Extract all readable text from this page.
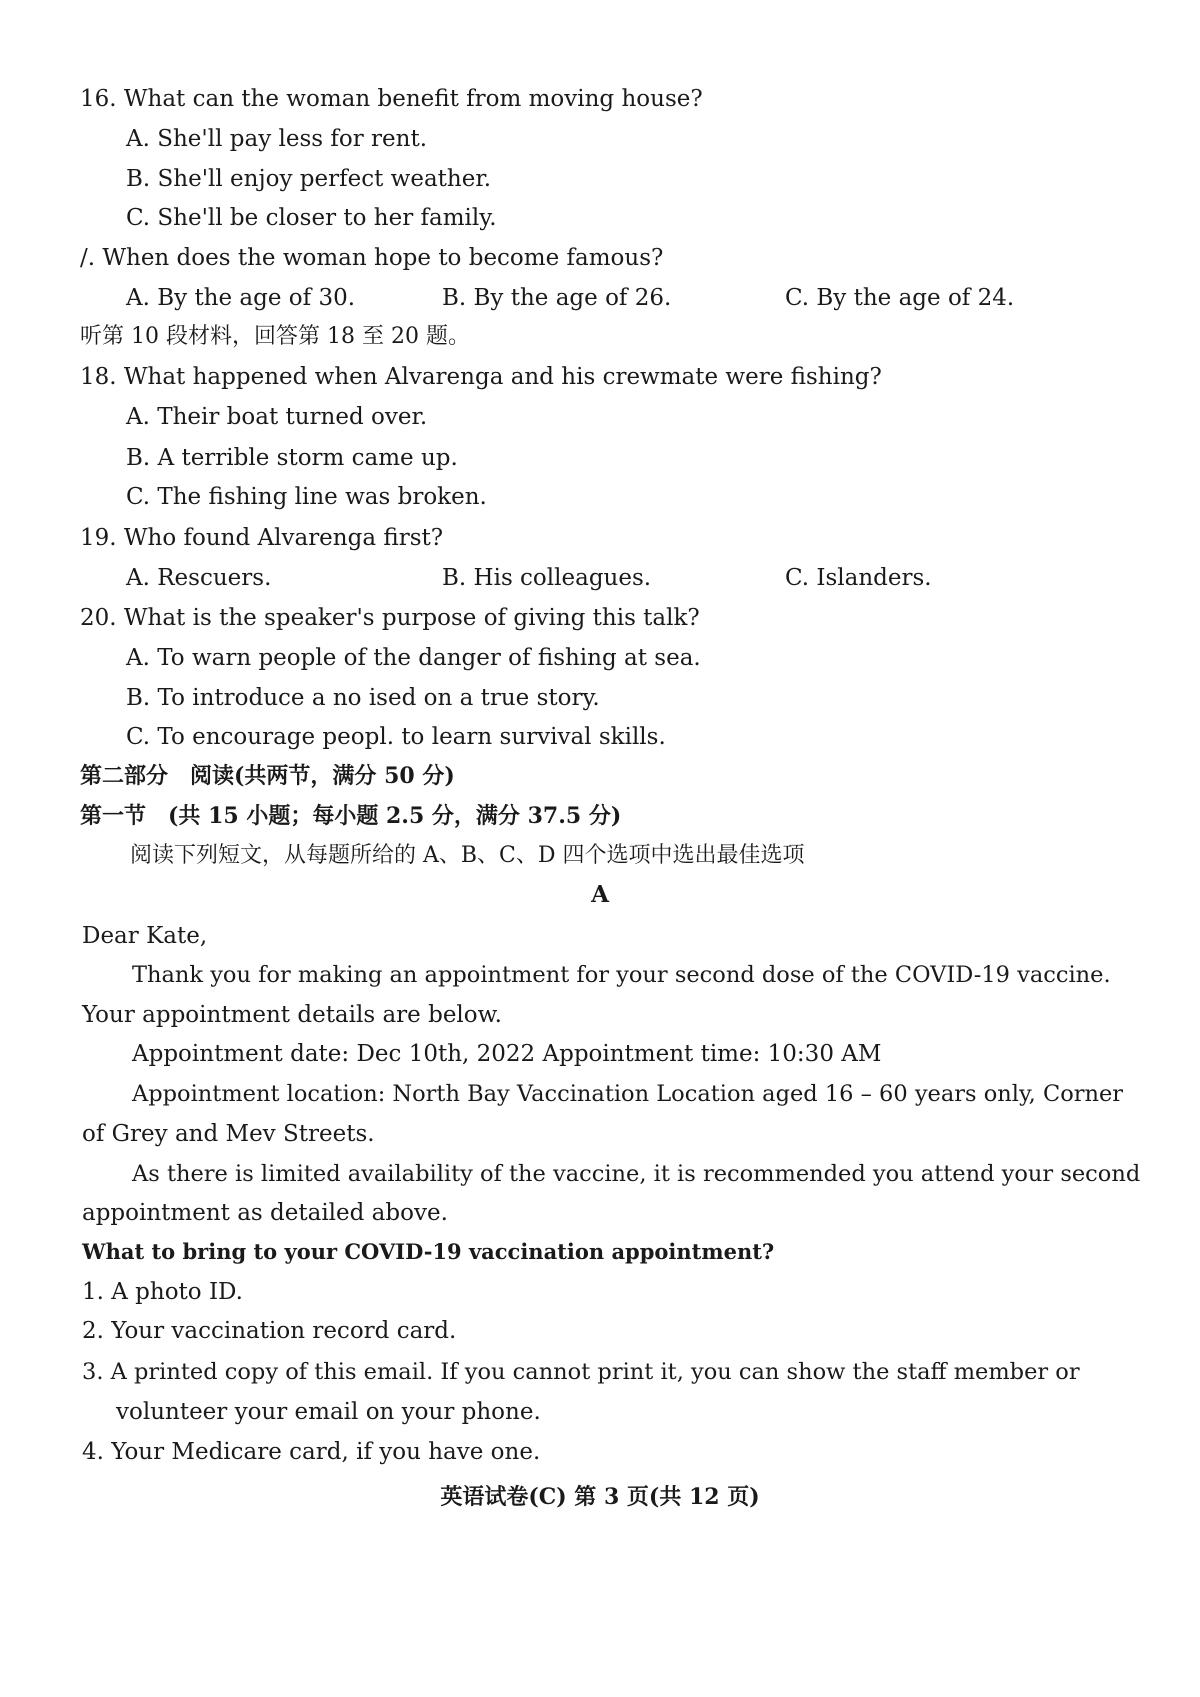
16. What can the woman benefit from moving house?
A. She'll pay less for rent.
B. She'll enjoy perfect weather.
C. She'll be closer to her family.
/. When does the woman hope to become famous?
A. By the age of 30.	B. By the age of 26.	C. By the age of 24.
听第 10 段材料，回答第 18 至 20 题。
18. What happened when Alvarenga and his crewmate were fishing?
A. Their boat turned over.
B. A terrible storm came up.
C. The fishing line was broken.
19. Who found Alvarenga first?
A. Rescuers.	B. His colleagues.	C. Islanders.
20. What is the speaker's purpose of giving this talk?
A. To warn people of the danger of fishing at sea.
B. To introduce a no ised on a true story.
C. To encourage peopl. to learn survival skills.
第二部分　阅读(共两节，满分 50 分)
第一节　(共 15 小题；每小题 2.5 分，满分 37.5 分)
阅读下列短文，从每题所给的 A、B、C、D 四个选项中选出最佳选项
A
Dear Kate,
Thank you for making an appointment for your second dose of the COVID-19 vaccine.
Your appointment details are below.
Appointment date: Dec 10th, 2022 Appointment time: 10:30 AM
Appointment location: North Bay Vaccination Location aged 16 – 60 years only, Corner
of Grey and Mev Streets.
As there is limited availability of the vaccine, it is recommended you attend your second
appointment as detailed above.
What to bring to your COVID-19 vaccination appointment?
1. A photo ID.
2. Your vaccination record card.
3. A printed copy of this email. If you cannot print it, you can show the staff member or
volunteer your email on your phone.
4. Your Medicare card, if you have one.
英语试卷(C) 第 3 页(共 12 页)
